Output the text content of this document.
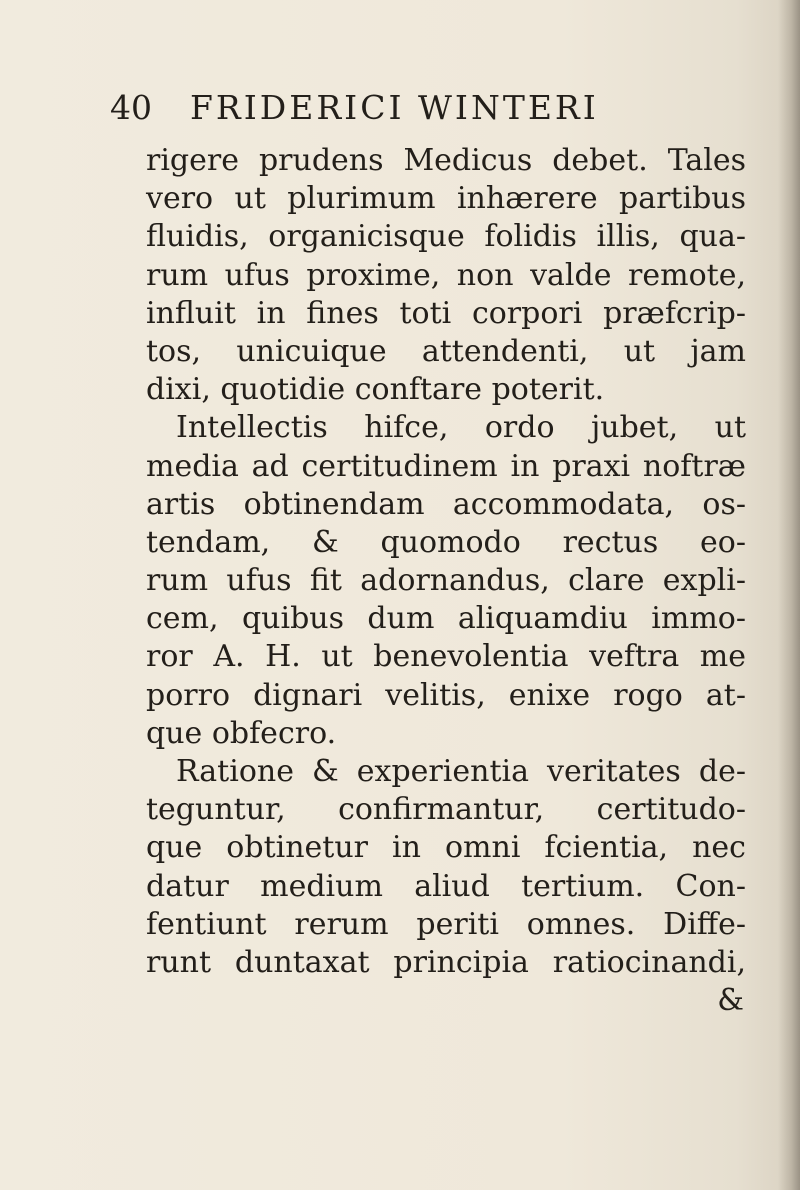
40 FRIDERICI WINTERI
rigere prudens Medicus debet. Tales
vero ut plurimum inhærere partibus
fluidis, organicisque folidis illis, qua-
rum ufus proxime, non valde remote,
influit in fines toti corpori præfcrip-
tos, unicuique attendenti, ut jam
dixi, quotidie conftare poterit.
Intellectis hifce, ordo jubet, ut
media ad certitudinem in praxi noftræ
artis obtinendam accommodata, os-
tendam, & quomodo rectus eo-
rum ufus fit adornandus, clare expli-
cem, quibus dum aliquamdiu immo-
ror A. H. ut benevolentia veftra me
porro dignari velitis, enixe rogo at-
que obfecro.
Ratione & experientia veritates de-
teguntur, confirmantur, certitudo-
que obtinetur in omni fcientia, nec
datur medium aliud tertium. Con-
fentiunt rerum periti omnes. Diffe-
runt duntaxat principia ratiocinandi,
&
